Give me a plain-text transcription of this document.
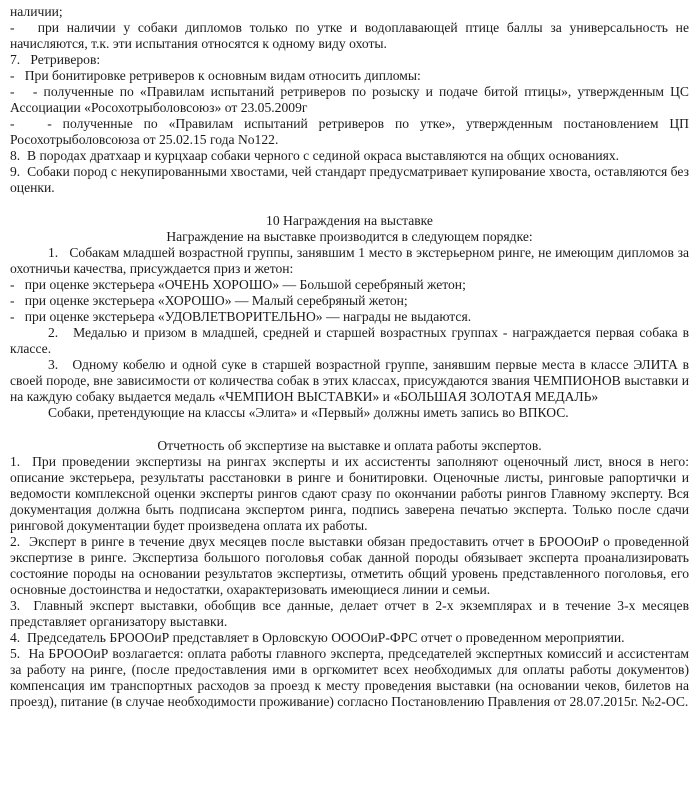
наличии;
-   при наличии у собаки дипломов только по утке и водоплавающей птице баллы за универсальность не начисляются, т.к. эти испытания относятся к одному виду охоты.
7.   Ретриверов:
-   При бонитировке ретриверов к основным видам относить дипломы:
-   - полученные по «Правилам испытаний ретриверов по розыску и подаче битой птицы», утвержденным ЦС Ассоциации «Росохотрыболовсоюз» от 23.05.2009г
-   - полученные по «Правилам испытаний ретриверов по утке», утвержденным постановлением ЦП Росохотрыболовсоюза от 25.02.15 года No122.
8.  В породах дратхаар и курцхаар собаки черного с сединой окраса выставляются на общих основаниях.
9.  Собаки пород с некупированными хвостами, чей стандарт предусматривает купирование хвоста, оставляются без оценки.
10 Награждения на выставке
Награждение на выставке производится в следующем порядке:
1.   Собакам младшей возрастной группы, занявшим 1 место в экстерьерном ринге, не имеющим дипломов за охотничьи качества, присуждается приз и жетон:
-   при оценке экстерьера «ОЧЕНЬ ХОРОШО» — Большой серебряный жетон;
-   при оценке экстерьера «ХОРОШО» — Малый серебряный жетон;
-   при оценке экстерьера «УДОВЛЕТВОРИТЕЛЬНО» — награды не выдаются.
2.   Медалью и призом в младшей, средней и старшей возрастных группах - награждается первая собака в классе.
3.   Одному кобелю и одной суке в старшей возрастной группе, занявшим первые места в классе ЭЛИТА в своей породе, вне зависимости от количества собак в этих классах, присуждаются звания ЧЕМПИОНОВ выставки и на каждую собаку выдается медаль «ЧЕМПИОН ВЫСТАВКИ» и «БОЛЬШАЯ ЗОЛОТАЯ МЕДАЛЬ»
Собаки, претендующие на классы «Элита» и «Первый» должны иметь запись во ВПКОС.
Отчетность об экспертизе на выставке и оплата работы экспертов.
1.  При проведении экспертизы на рингах эксперты и их ассистенты заполняют оценочный лист, внося в него: описание экстерьера, результаты расстановки в ринге и бонитировки. Оценочные листы, ринговые рапортички и ведомости комплексной оценки эксперты рингов сдают сразу по окончании работы рингов Главному эксперту. Вся документация должна быть подписана экспертом ринга, подпись заверена печатью эксперта. Только после сдачи ринговой документации будет произведена оплата их работы.
2.  Эксперт в ринге в течение двух месяцев после выставки обязан предоставить отчет в БРОООиР о проведенной экспертизе в ринге. Экспертиза большого поголовья собак данной породы обязывает эксперта проанализировать состояние породы на основании результатов экспертизы, отметить общий уровень представленного поголовья, его основные достоинства и недостатки, охарактеризовать имеющиеся линии и семьи.
3.  Главный эксперт выставки, обобщив все данные, делает отчет в 2-х экземплярах и в течение 3-х месяцев представляет организатору выставки.
4.  Председатель БРОООиР представляет в Орловскую ООООиР-ФРС отчет о проведенном мероприятии.
5.  На БРОООиР возлагается: оплата работы главного эксперта, председателей экспертных комиссий и ассистентам за работу на ринге, (после предоставления ими в оргкомитет всех необходимых для оплаты работы документов) компенсация им транспортных расходов за проезд к месту проведения выставки (на основании чеков, билетов на проезд), питание (в случае необходимости проживание) согласно Постановлению Правления от 28.07.2015г. №2-ОС.
